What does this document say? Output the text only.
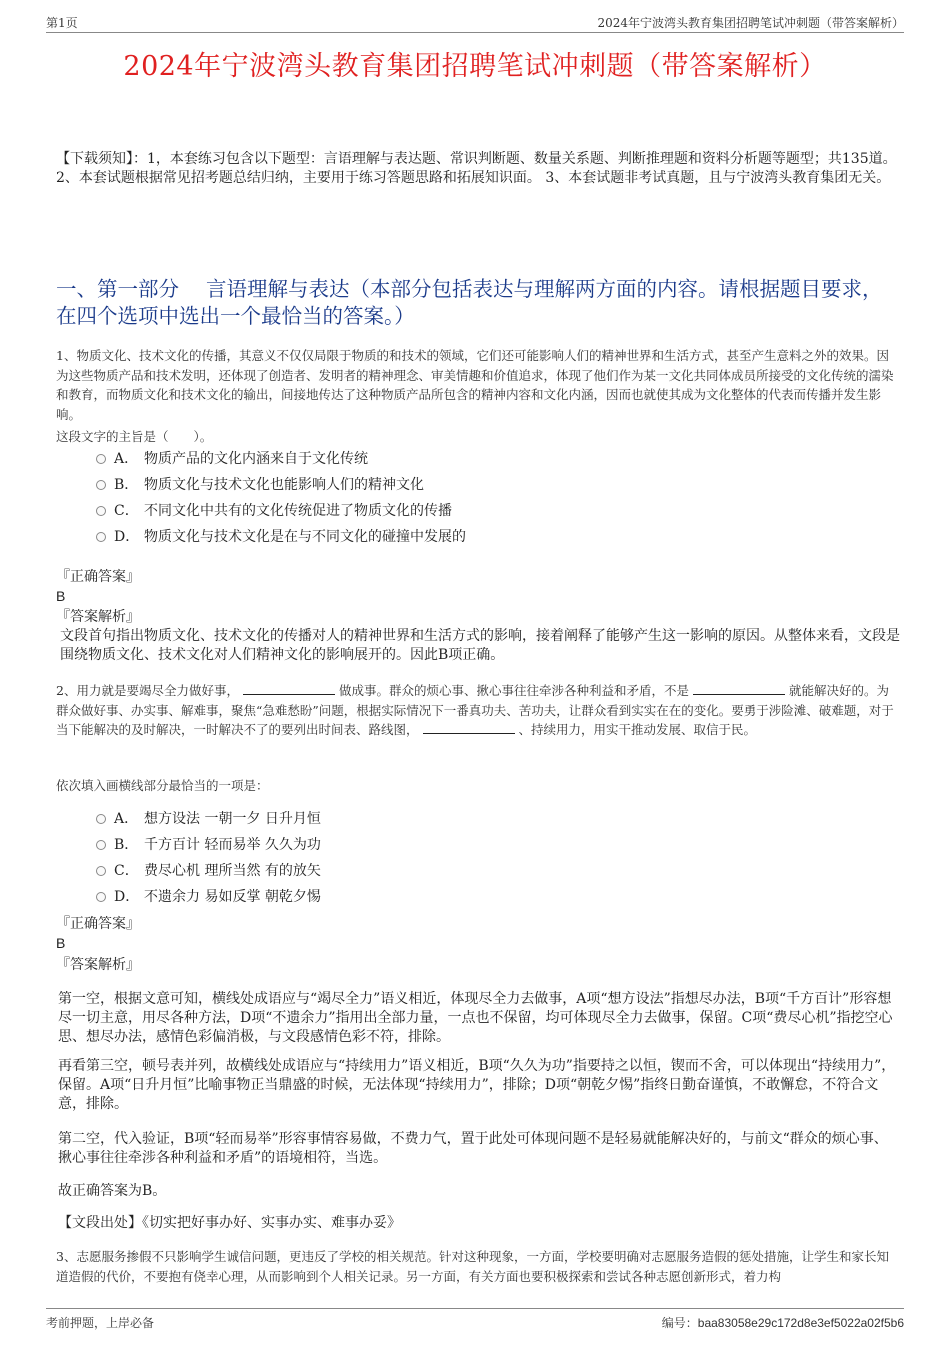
第1页	2024年宁波湾头教育集团招聘笔试冲刺题（带答案解析）
2024年宁波湾头教育集团招聘笔试冲刺题（带答案解析）
【下载须知】：1，本套练习包含以下题型：言语理解与表达题、常识判断题、数量关系题、判断推理题和资料分析题等题型；共135道。 2、本套试题根据常见招考题总结归纳，主要用于练习答题思路和拓展知识面。 3、本套试题非考试真题，且与宁波湾头教育集团无关。
一、第一部分　 言语理解与表达（本部分包括表达与理解两方面的内容。请根据题目要求，在四个选项中选出一个最恰当的答案。）
1、物质文化、技术文化的传播，其意义不仅仅局限于物质的和技术的领域，它们还可能影响人们的精神世界和生活方式，甚至产生意料之外的效果。因为这些物质产品和技术发明，还体现了创造者、发明者的精神理念、审美情趣和价值追求，体现了他们作为某一文化共同体成员所接受的文化传统的濡染和教育，而物质文化和技术文化的输出，间接地传达了这种物质产品所包含的精神内容和文化内涵，因而也就使其成为文化整体的代表而传播并发生影响。
这段文字的主旨是（　　）。
A． 物质产品的文化内涵来自于文化传统
B． 物质文化与技术文化也能影响人们的精神文化
C． 不同文化中共有的文化传统促进了物质文化的传播
D． 物质文化与技术文化是在与不同文化的碰撞中发展的
『正确答案』
B
『答案解析』
文段首句指出物质文化、技术文化的传播对人的精神世界和生活方式的影响，接着阐释了能够产生这一影响的原因。从整体来看，文段是围绕物质文化、技术文化对人们精神文化的影响展开的。因此B项正确。
2、用力就是要竭尽全力做好事，	做成事。群众的烦心事、揪心事往往牵涉各种利益和矛盾，不是	就能解决好的。为群众做好事、办实事、解难事，聚焦“急难愁盼”问题，根据实际情况下一番真功夫、苦功夫，让群众看到实实在在的变化。要勇于涉险滩、破难题，对于当下能解决的及时解决，一时解决不了的要列出时间表、路线图，	、持续用力，用实干推动发展、取信于民。
依次填入画横线部分最恰当的一项是：
A． 想方设法 一朝一夕 日升月恒
B． 千方百计 轻而易举 久久为功
C． 费尽心机 理所当然 有的放矢
D． 不遗余力 易如反掌 朝乾夕惕
『正确答案』
B
『答案解析』
第一空，根据文意可知，横线处成语应与“竭尽全力”语义相近，体现尽全力去做事，A项“想方设法”指想尽办法，B项“千方百计”形容想尽一切主意，用尽各种方法，D项“不遗余力”指用出全部力量，一点也不保留，均可体现尽全力去做事，保留。C项“费尽心机”指挖空心思、想尽办法，感情色彩偏消极，与文段感情色彩不符，排除。
再看第三空，顿号表并列，故横线处成语应与“持续用力”语义相近，B项“久久为功”指要持之以恒，锲而不舍，可以体现出“持续用力”，保留。A项“日升月恒”比喻事物正当鼎盛的时候，无法体现“持续用力”，排除；D项“朝乾夕惕”指终日勤奋谨慎，不敢懈怠，不符合文意，排除。
第二空，代入验证，B项“轻而易举”形容事情容易做，不费力气，置于此处可体现问题不是轻易就能解决好的，与前文“群众的烦心事、揪心事往往牵涉各种利益和矛盾”的语境相符，当选。
故正确答案为B。
【文段出处】《切实把好事办好、实事办实、难事办妥》
3、志愿服务掺假不只影响学生诚信问题，更违反了学校的相关规范。针对这种现象，一方面，学校要明确对志愿服务造假的惩处措施，让学生和家长知道造假的代价，不要抱有侥幸心理，从而影响到个人相关记录。另一方面，有关方面也要积极探索和尝试各种志愿创新形式，着力构
考前押题，上岸必备	编号：baa83058e29c172d8e3ef5022a02f5b6
